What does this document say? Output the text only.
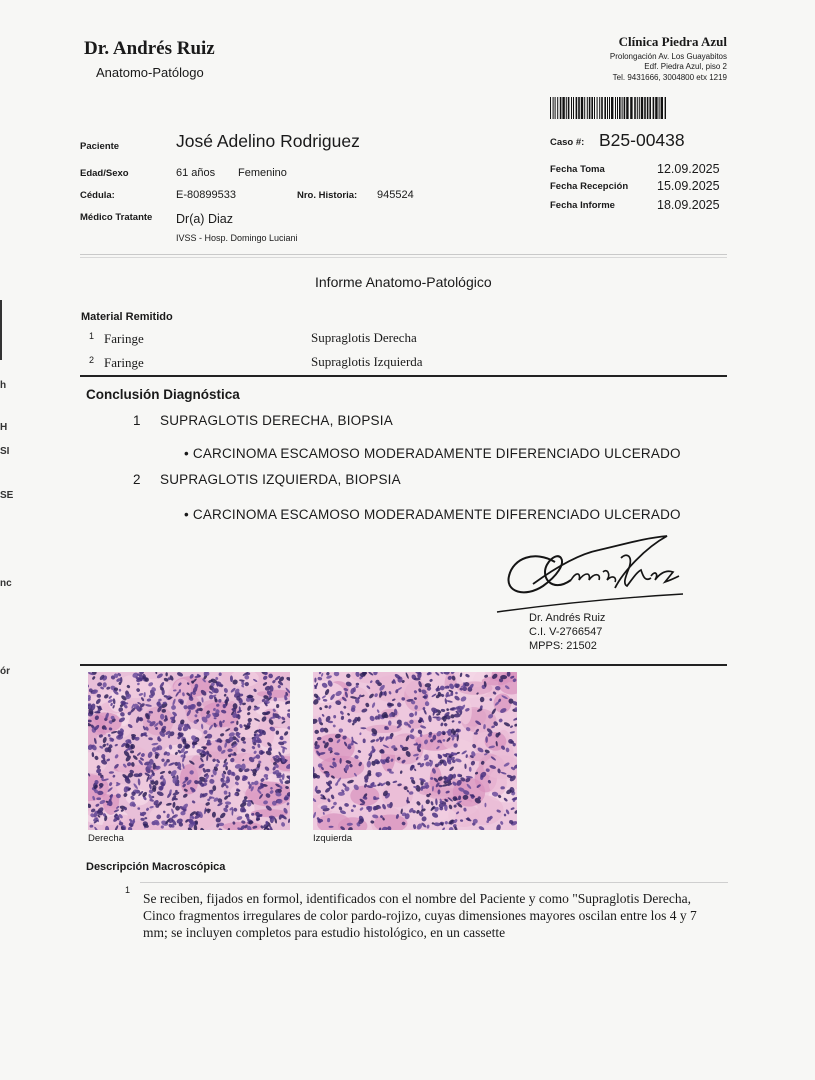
h
H
SI
SE
nc
ór
Dr. Andrés Ruiz
Anatomo-Patólogo
Clínica Piedra Azul
Prolongación Av. Los Guayabitos
Edf. Piedra Azul, piso 2
Tel. 9431666, 3004800 etx 1219
Paciente	José Adelino Rodriguez
Edad/Sexo	61 años Femenino
Cédula:	E-80899533	Nro. Historia: 945524
Médico Tratante Dr(a) Diaz
IVSS - Hosp. Domingo Luciani
Caso #: B25-00438
Fecha Toma	12.09.2025
Fecha Recepción 15.09.2025
Fecha Informe	18.09.2025
Informe Anatomo-Patológico
Material Remitido
1 Faringe	Supraglotis Derecha
2 Faringe	Supraglotis Izquierda
Conclusión Diagnóstica
1 SUPRAGLOTIS DERECHA, BIOPSIA
• CARCINOMA ESCAMOSO MODERADAMENTE DIFERENCIADO ULCERADO
2 SUPRAGLOTIS IZQUIERDA, BIOPSIA
• CARCINOMA ESCAMOSO MODERADAMENTE DIFERENCIADO ULCERADO
Dr. Andrés Ruiz
C.I. V-2766547
MPPS: 21502
Derecha	Izquierda
Descripción Macroscópica
1
Se reciben, fijados en formol, identificados con el nombre del Paciente y como "Supraglotis Derecha, Cinco fragmentos irregulares de color pardo-rojizo, cuyas dimensiones mayores oscilan entre los 4 y 7 mm; se incluyen completos para estudio histológico, en un cassette
